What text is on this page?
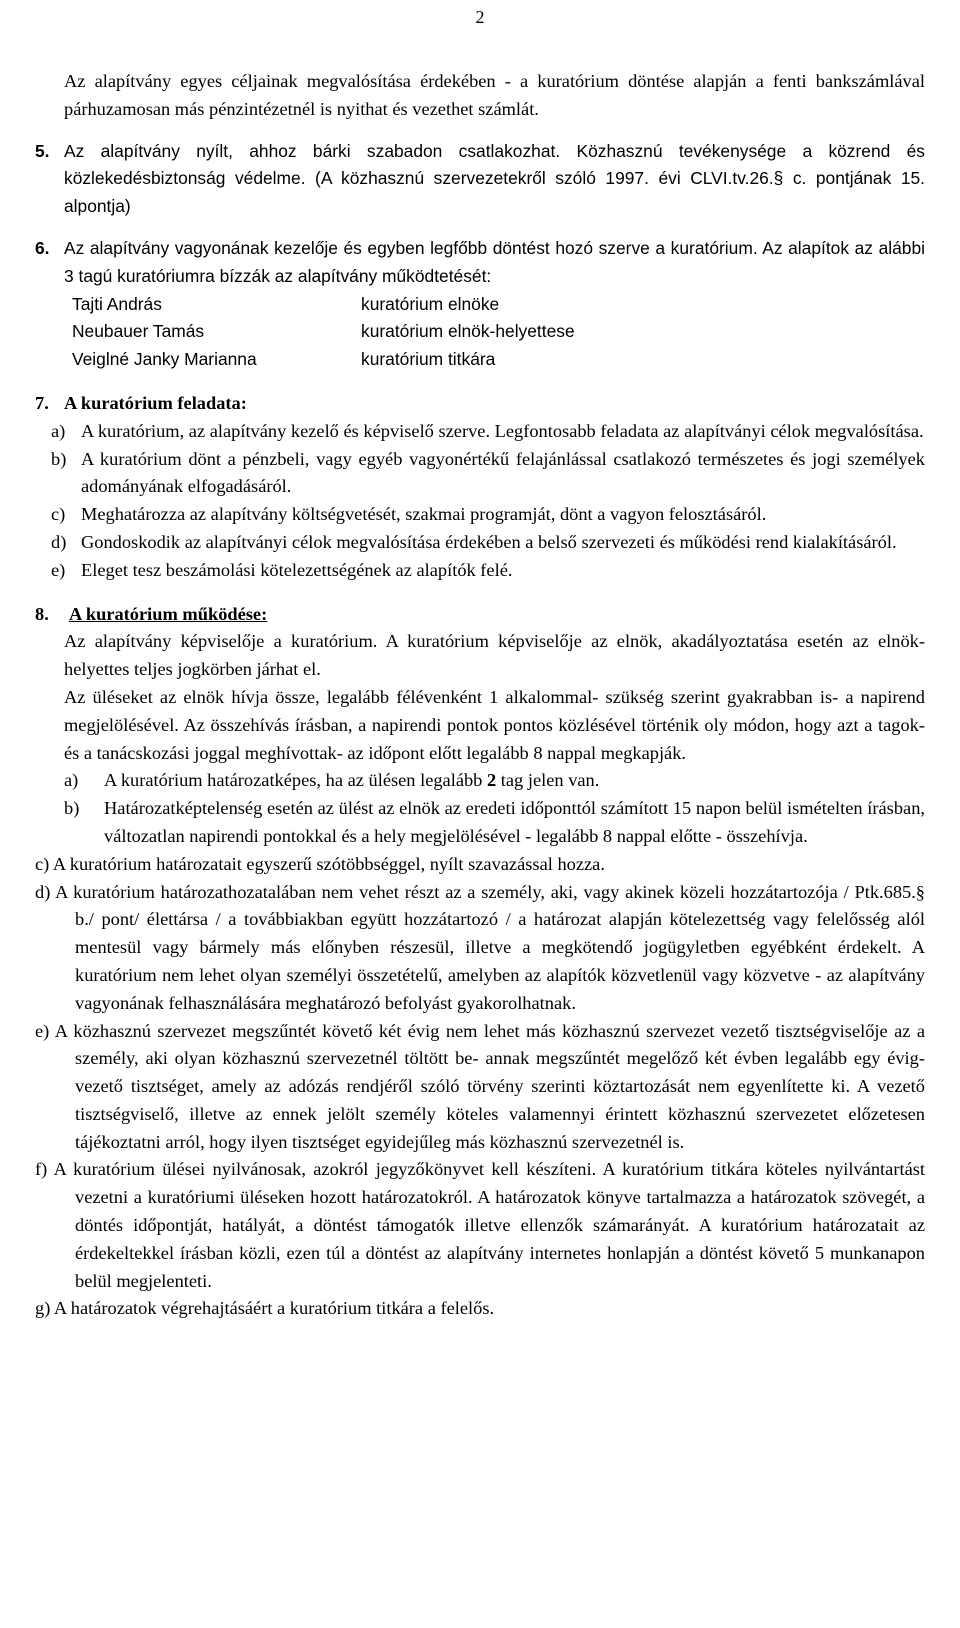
2

Az alapítvány egyes céljainak megvalósítása érdekében - a kuratórium döntése alapján a fenti bankszámlával párhuzamosan más pénzintézetnél is nyithat és vezethet számlát.

5. Az alapítvány nyílt, ahhoz bárki szabadon csatlakozhat. Közhasznú tevékenysége a közrend és közlekedésbiztonság védelme. (A közhasznú szervezetekről szóló 1997. évi CLVI.tv.26.§ c. pontjának 15. alpontja)

6. Az alapítvány vagyonának kezelője és egyben legfőbb döntést hozó szerve a kuratórium. Az alapítok az alábbi 3 tagú kuratóriumra bízzák az alapítvány működtetését:

Tajti András	kuratórium elnöke
Neubauer Tamás	kuratórium elnök-helyettese
Veiglné Janky Marianna	kuratórium titkára

7. A kuratórium feladata:

a) A kuratórium, az alapítvány kezelő és képviselő szerve. Legfontosabb feladata az alapítványi célok megvalósítása.

b) A kuratórium dönt a pénzbeli, vagy egyéb vagyonértékű felajánlással csatlakozó természetes és jogi személyek adományának elfogadásáról.

c) Meghatározza az alapítvány költségvetését, szakmai programját, dönt a vagyon felosztásáról.

d) Gondoskodik az alapítványi célok megvalósítása érdekében a belső szervezeti és működési rend kialakításáról.

e) Eleget tesz beszámolási kötelezettségének az alapítók felé.

8. A kuratórium működése:

Az alapítvány képviselője a kuratórium. A kuratórium képviselője az elnök, akadályoztatása esetén az elnök-helyettes teljes jogkörben járhat el.

Az üléseket az elnök hívja össze, legalább félévenként 1 alkalommal- szükség szerint gyakrabban is- a napirend megjelölésével. Az összehívás írásban, a napirendi pontok pontos közlésével történik oly módon, hogy azt a tagok- és a tanácskozási joggal meghívottak- az időpont előtt legalább 8 nappal megkapják.

a) A kuratórium határozatképes, ha az ülésen legalább 2 tag jelen van.

b) Határozatképtelenség esetén az ülést az elnök az eredeti időponttól számított 15 napon belül ismételten írásban, változatlan napirendi pontokkal és a hely megjelölésével - legalább 8 nappal előtte - összehívja.

c) A kuratórium határozatait egyszerű szótöbbséggel, nyílt szavazással hozza.

d) A kuratórium határozathozatalában nem vehet részt az a személy, aki, vagy akinek közeli hozzátartozója / Ptk.685.§ b./ pont/ élettársa / a továbbiakban együtt hozzátartozó / a határozat alapján kötelezettség vagy felelősség alól mentesül vagy bármely más előnyben részesül, illetve a megkötendő jogügyletben egyébként érdekelt. A kuratórium nem lehet olyan személyi összetételű, amelyben az alapítók közvetlenül vagy közvetve - az alapítvány vagyonának felhasználására meghatározó befolyást gyakorolhatnak.

e) A közhasznú szervezet megszűntét követő két évig nem lehet más közhasznú szervezet vezető tisztségviselője az a személy, aki olyan közhasznú szervezetnél töltött be- annak megszűntét megelőző két évben legalább egy évig- vezető tisztséget, amely az adózás rendjéről szóló törvény szerinti köztartozását nem egyenlítette ki. A vezető tisztségviselő, illetve az ennek jelölt személy köteles valamennyi érintett közhasznú szervezetet előzetesen tájékoztatni arról, hogy ilyen tisztséget egyidejűleg más közhasznú szervezetnél is.

f) A kuratórium ülései nyilvánosak, azokról jegyzőkönyvet kell készíteni. A kuratórium titkára köteles nyilvántartást vezetni a kuratóriumi üléseken hozott határozatokról. A határozatok könyve tartalmazza a határozatok szövegét, a döntés időpontját, hatályát, a döntést támogatók illetve ellenzők számarányát. A kuratórium határozatait az érdekeltekkel írásban közli, ezen túl a döntést az alapítvány internetes honlapján a döntést követő 5 munkanapon belül megjelenteti.

g) A határozatok végrehajtásáért a kuratórium titkára a felelős.
